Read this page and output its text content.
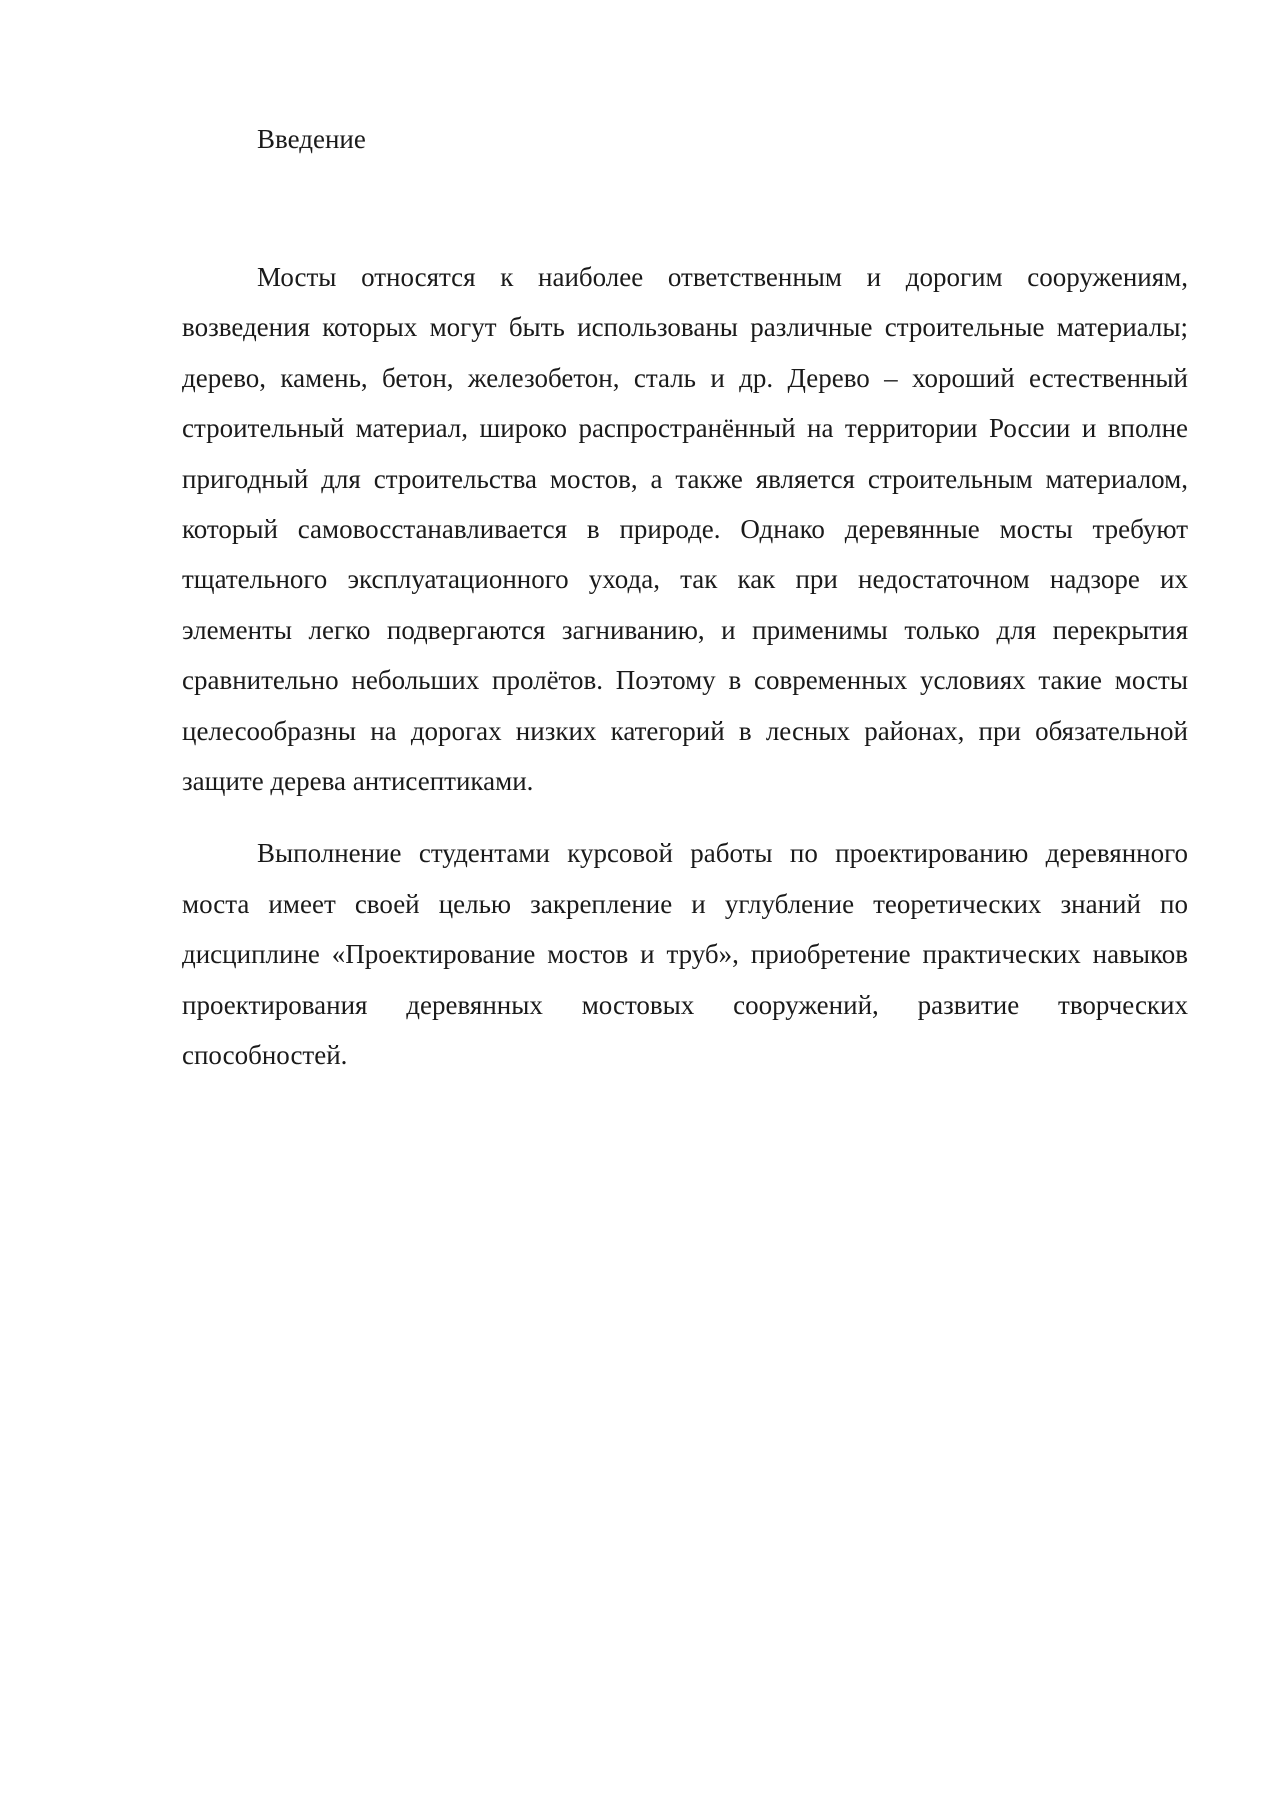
Введение

Мосты относятся к наиболее ответственным и дорогим сооружениям, возведения которых могут быть использованы различные строительные материалы; дерево, камень, бетон, железобетон, сталь и др. Дерево – хороший естественный строительный материал, широко распространённый на территории России и вполне пригодный для строительства мостов, а также является строительным материалом, который самовосстанавливается в природе. Однако деревянные мосты требуют тщательного эксплуатационного ухода, так как при недостаточном надзоре их элементы легко подвергаются загниванию, и применимы только для перекрытия сравнительно небольших пролётов. Поэтому в современных условиях такие мосты целесообразны на дорогах низких категорий в лесных районах, при обязательной защите дерева антисептиками.

Выполнение студентами курсовой работы по проектированию деревянного моста имеет своей целью закрепление и углубление теоретических знаний по дисциплине «Проектирование мостов и труб», приобретение практических навыков проектирования деревянных мостовых сооружений, развитие творческих способностей.
